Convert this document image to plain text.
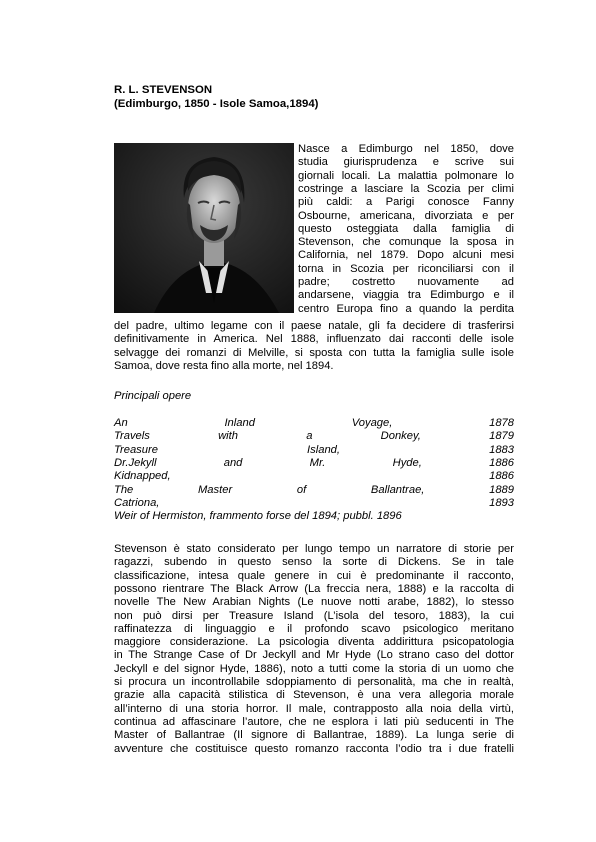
R. L. STEVENSON
(Edimburgo, 1850 - Isole Samoa,1894)
Nasce a Edimburgo nel 1850, dove
studia giurisprudenza e scrive sui
giornali locali. La malattia polmonare lo
costringe a lasciare la Scozia per climi
più caldi: a Parigi conosce Fanny
Osbourne, americana, divorziata e per
questo osteggiata dalla famiglia di
Stevenson, che comunque la sposa in
California, nel 1879. Dopo alcuni mesi
torna in Scozia per riconciliarsi con il
padre; costretto nuovamente ad
andarsene, viaggia tra Edimburgo e il
centro Europa fino a quando la perdita
del padre, ultimo legame con il paese natale, gli fa decidere di trasferirsi
definitivamente in America. Nel 1888, influenzato dai racconti delle isole
selvagge dei romanzi di Melville, si sposta con tutta la famiglia sulle isole
Samoa, dove resta fino alla morte, nel 1894.
Principali opere
An Inland Voyage, 1878
Travels with a Donkey, 1879
Treasure Island, 1883
Dr.Jekyll and Mr. Hyde, 1886
Kidnapped, 1886
The Master of Ballantrae, 1889
Catriona, 1893
Weir of Hermiston, frammento forse del 1894; pubbl. 1896
Stevenson è stato considerato per lungo tempo un narratore di storie per
ragazzi, subendo in questo senso la sorte di Dickens. Se in tale
classificazione, intesa quale genere in cui è predominante il racconto,
possono rientrare The Black Arrow (La freccia nera, 1888) e la raccolta di
novelle The New Arabian Nights (Le nuove notti arabe, 1882), lo stesso
non può dirsi per Treasure Island (L’isola del tesoro, 1883), la cui
raffinatezza di linguaggio e il profondo scavo psicologico meritano
maggiore considerazione. La psicologia diventa addirittura psicopatologia
in The Strange Case of Dr Jeckyll and Mr Hyde (Lo strano caso del dottor
Jeckyll e del signor Hyde, 1886), noto a tutti come la storia di un uomo che
si procura un incontrollabile sdoppiamento di personalità, ma che in realtà,
grazie alla capacità stilistica di Stevenson, è una vera allegoria morale
all’interno di una storia horror. Il male, contrapposto alla noia della virtù,
continua ad affascinare l’autore, che ne esplora i lati più seducenti in The
Master of Ballantrae (Il signore di Ballantrae, 1889). La lunga serie di
avventure che costituisce questo romanzo racconta l’odio tra i due fratelli
